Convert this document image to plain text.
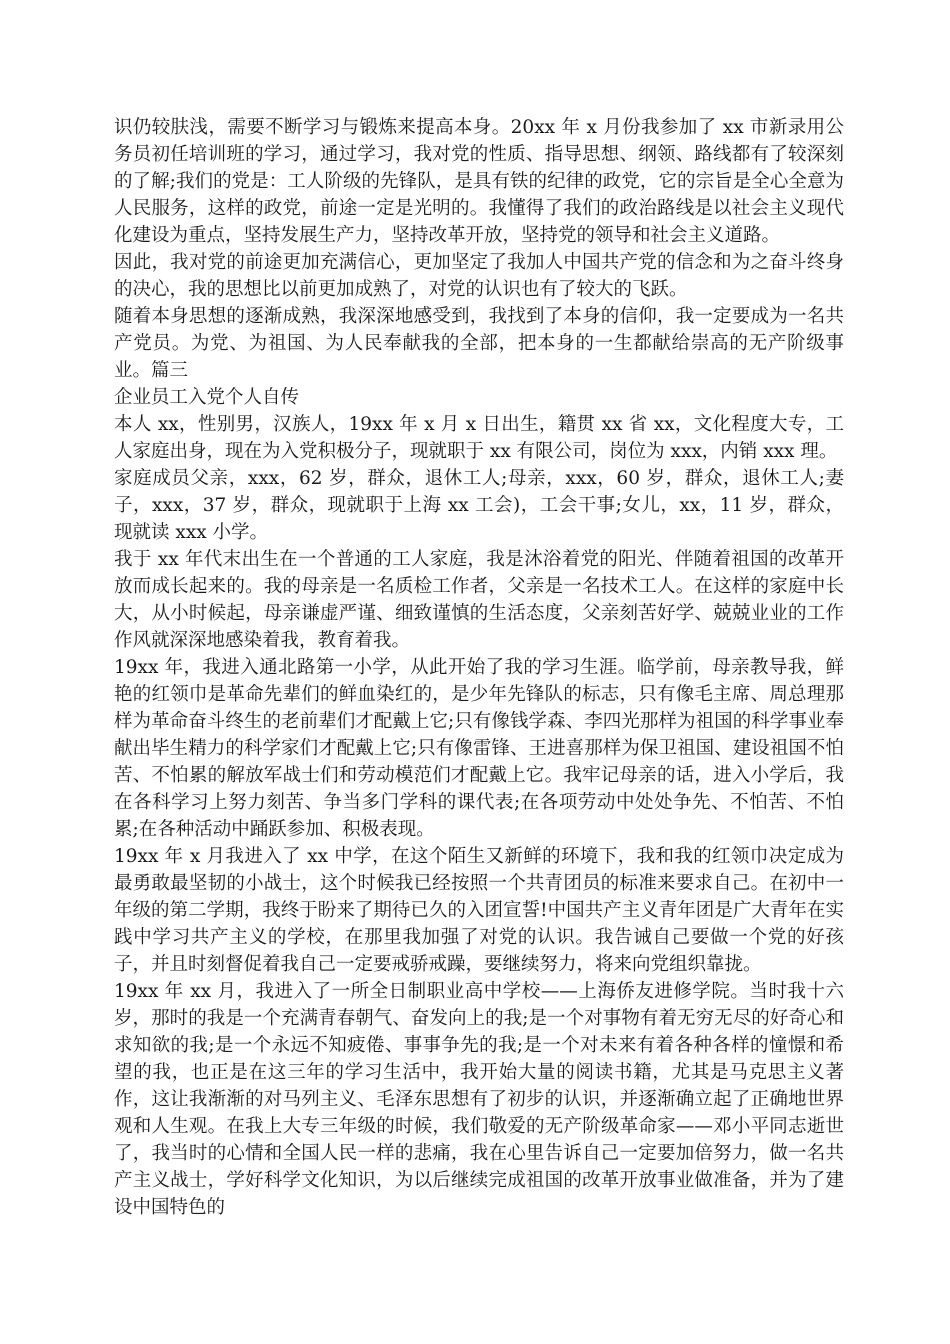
识仍较肤浅，需要不断学习与锻炼来提高本身。20xx 年 x 月份我参加了 xx 市新录用公务员初任培训班的学习，通过学习，我对党的性质、指导思想、纲领、路线都有了较深刻的了解;我们的党是：工人阶级的先锋队，是具有铁的纪律的政党，它的宗旨是全心全意为人民服务，这样的政党，前途一定是光明的。我懂得了我们的政治路线是以社会主义现代化建设为重点，坚持发展生产力，坚持改革开放，坚持党的领导和社会主义道路。

因此，我对党的前途更加充满信心，更加坚定了我加人中国共产党的信念和为之奋斗终身的决心，我的思想比以前更加成熟了，对党的认识也有了较大的飞跃。

随着本身思想的逐渐成熟，我深深地感受到，我找到了本身的信仰，我一定要成为一名共产党员。为党、为祖国、为人民奉献我的全部，把本身的一生都献给崇高的无产阶级事业。篇三

企业员工入党个人自传

本人 xx，性别男，汉族人，19xx 年 x 月 x 日出生，籍贯 xx 省 xx，文化程度大专，工人家庭出身，现在为入党积极分子，现就职于 xx 有限公司，岗位为 xxx，内销 xxx 理。

家庭成员父亲，xxx，62 岁，群众，退休工人;母亲，xxx，60 岁，群众，退休工人;妻子，xxx，37 岁，群众，现就职于上海 xx 工会)，工会干事;女儿，xx，11 岁，群众，现就读 xxx 小学。

我于 xx 年代末出生在一个普通的工人家庭，我是沐浴着党的阳光、伴随着祖国的改革开放而成长起来的。我的母亲是一名质检工作者，父亲是一名技术工人。在这样的家庭中长大，从小时候起，母亲谦虚严谨、细致谨慎的生活态度，父亲刻苦好学、兢兢业业的工作作风就深深地感染着我，教育着我。

19xx 年，我进入通北路第一小学，从此开始了我的学习生涯。临学前，母亲教导我，鲜艳的红领巾是革命先辈们的鲜血染红的，是少年先锋队的标志，只有像毛主席、周总理那样为革命奋斗终生的老前辈们才配戴上它;只有像钱学森、李四光那样为祖国的科学事业奉献出毕生精力的科学家们才配戴上它;只有像雷锋、王进喜那样为保卫祖国、建设祖国不怕苦、不怕累的解放军战士们和劳动模范们才配戴上它。我牢记母亲的话，进入小学后，我在各科学习上努力刻苦、争当多门学科的课代表;在各项劳动中处处争先、不怕苦、不怕累;在各种活动中踊跃参加、积极表现。

19xx 年 x 月我进入了 xx 中学，在这个陌生又新鲜的环境下，我和我的红领巾决定成为最勇敢最坚韧的小战士，这个时候我已经按照一个共青团员的标准来要求自己。在初中一年级的第二学期，我终于盼来了期待已久的入团宣誓!中国共产主义青年团是广大青年在实践中学习共产主义的学校，在那里我加强了对党的认识。我告诫自己要做一个党的好孩子，并且时刻督促着我自己一定要戒骄戒躁，要继续努力，将来向党组织靠拢。

19xx 年 xx 月，我进入了一所全日制职业高中学校——上海侨友进修学院。当时我十六岁，那时的我是一个充满青春朝气、奋发向上的我;是一个对事物有着无穷无尽的好奇心和求知欲的我;是一个永远不知疲倦、事事争先的我;是一个对未来有着各种各样的憧憬和希望的我，也正是在这三年的学习生活中，我开始大量的阅读书籍，尤其是马克思主义著作，这让我渐渐的对马列主义、毛泽东思想有了初步的认识，并逐渐确立起了正确地世界观和人生观。在我上大专三年级的时候，我们敬爱的无产阶级革命家——邓小平同志逝世了，我当时的心情和全国人民一样的悲痛，我在心里告诉自己一定要加倍努力，做一名共产主义战士，学好科学文化知识，为以后继续完成祖国的改革开放事业做准备，并为了建设中国特色的
